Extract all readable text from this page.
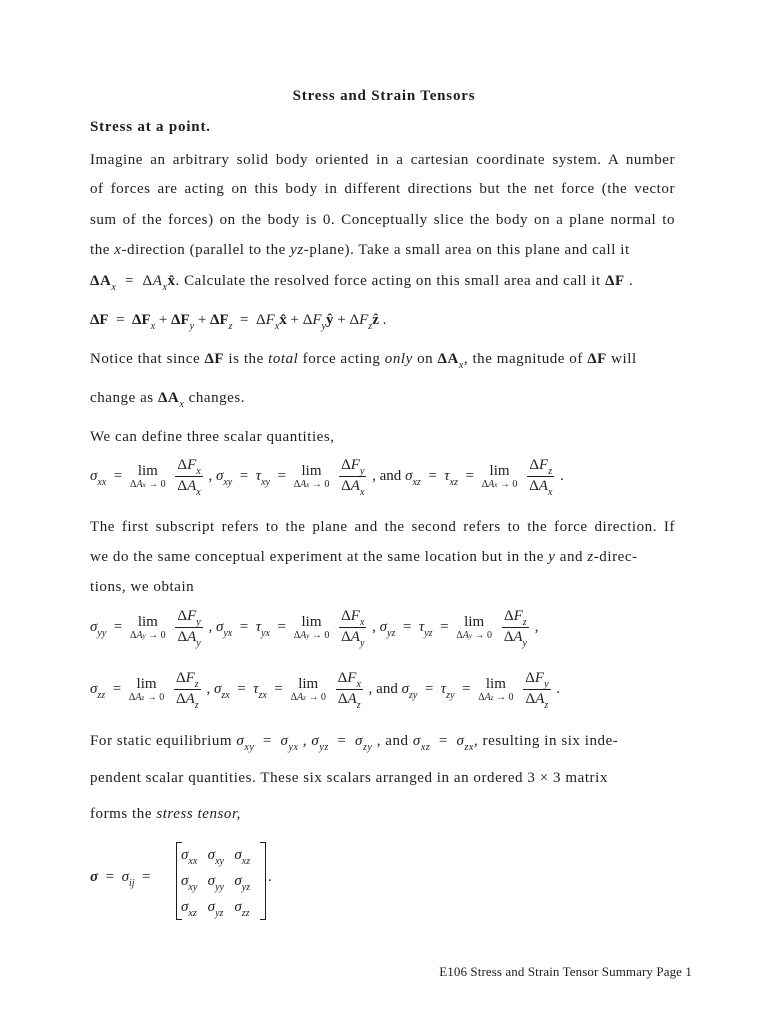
Stress and Strain Tensors
Stress at a point.
Imagine an arbitrary solid body oriented in a cartesian coordinate system. A number
of forces are acting on this body in different directions but the net force (the vector
sum of the forces) on the body is 0. Conceptually slice the body on a plane normal to
the x-direction (parallel to the yz-plane). Take a small area on this plane and call it
$\Delta A_x$  =  $\Delta A_xx̂$. Calculate the resolved force acting on this small area and call it ΔF .
$\Delta F = \Delta F_x + \Delta F_y + \Delta F_z$  =  $\Delta F_xx̂$ + $\Delta F_yŷ$ + $\Delta F_zẑ$ .
Notice that since ΔF is the total force acting only on $\Delta A_x$, the magnitude of ΔF will
change as $\Delta A_x$ changes.
We can define three scalar quantities,
$\sigma_{xx}$  =	lim
ΔAx → 0
$\frac{\Delta F_x}{\Delta A_x}$ , $\sigma_{xy} = \tau_{xy}$  =	lim
ΔAx → 0
$\frac{\Delta F_y}{\Delta A_x}$ , and $\sigma_{xz} = \tau_{xz}$  =	lim
ΔAx → 0
$\frac{\Delta F_z}{\Delta A_x}$ .
The first subscript refers to the plane and the second refers to the force direction. If
we do the same conceptual experiment at the same location but in the y and z-direc-
tions, we obtain
$\sigma_{yy}$  =	lim
ΔAy → 0
$\frac{\Delta F_y}{\Delta A_y}$ , $\sigma_{yx} = \tau_{yx}$  =	lim
ΔAy → 0
$\frac{\Delta F_x}{\Delta A_y}$ , $\sigma_{yz} = \tau_{yz}$  =	lim
ΔAy → 0
$\frac{\Delta F_z}{\Delta A_y}$ ,
$\sigma_{zz}$  =	lim
ΔAz → 0
$\frac{\Delta F_z}{\Delta A_z}$ , $\sigma_{zx} = \tau_{zx}$  =	lim
ΔAz → 0
$\frac{\Delta F_x}{\Delta A_z}$ , and $\sigma_{zy} = \tau_{zy}$  =	lim
ΔAz → 0
$\frac{\Delta F_y}{\Delta A_z}$ .
For static equilibrium $\sigma_{xy} = \sigma_{yx}$ , $\sigma_{yz} = \sigma_{zy}$ , and $\sigma_{xz} = \sigma_{zx}$, resulting in six inde-
pendent scalar quantities. These six scalars arranged in an ordered 3 × 3 matrix
forms the stress tensor,
$\sigma = \sigma_{ij}$  =
$\sigma_{xx}$ $\sigma_{xy}$ $\sigma_{xz}$
$\sigma_{xy}$ $\sigma_{yy}$ $\sigma_{yz}$
$\sigma_{xz}$ $\sigma_{yz}$ $\sigma_{zz}$
.
E106 Stress and Strain Tensor Summary Page 1
